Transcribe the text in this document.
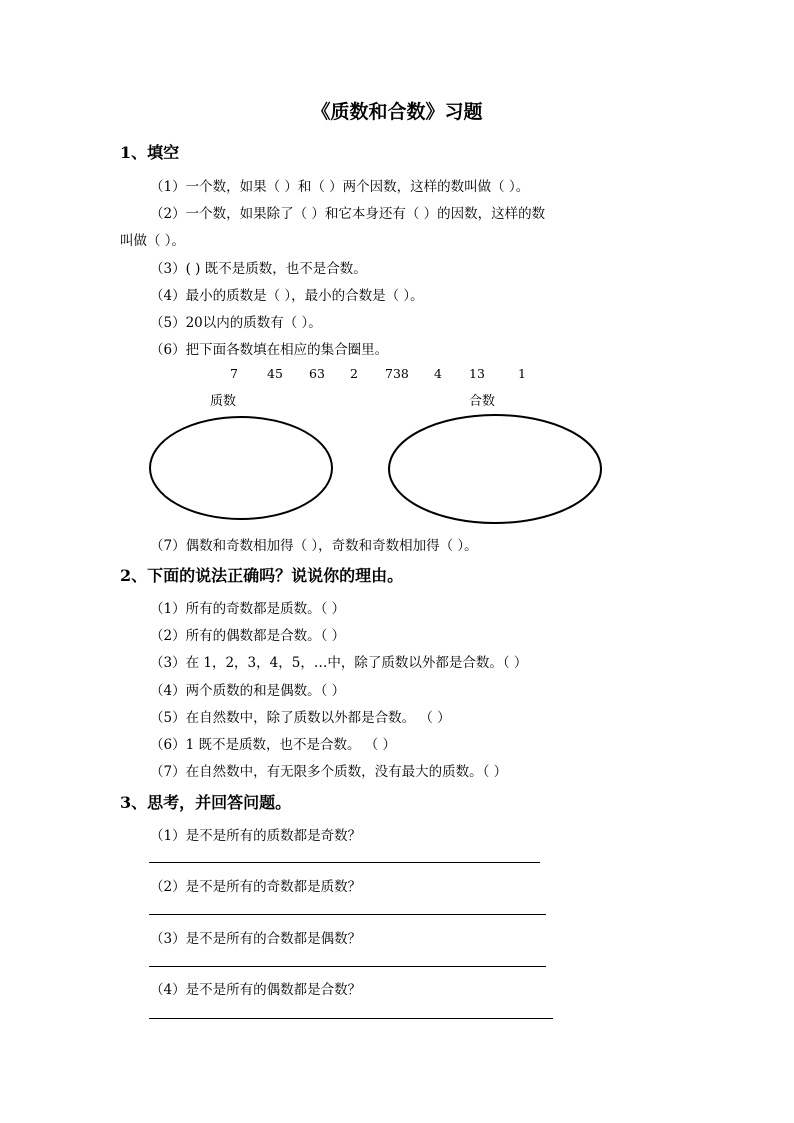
《质数和合数》习题
1、填空
（1）一个数，如果（ ）和（ ）两个因数，这样的数叫做（ ）。
（2）一个数，如果除了（ ）和它本身还有（ ）的因数，这样的数
叫做（ ）。
（3）( ) 既不是质数，也不是合数。
（4）最小的质数是（ ），最小的合数是（ ）。
（5）20以内的质数有（ ）。
（6）把下面各数填在相应的集合圈里。
7 45 63 2 738 4 13	1
质数	合数
（7）偶数和奇数相加得（ ），奇数和奇数相加得（ ）。
2、下面的说法正确吗？说说你的理由。
（1）所有的奇数都是质数。（ ）
（2）所有的偶数都是合数。（ ）
（3）在 1，2，3，4，5，…中，除了质数以外都是合数。（ ）
（4）两个质数的和是偶数。（ ）
（5）在自然数中，除了质数以外都是合数。 （ ）
（6）1 既不是质数，也不是合数。 （ ）
（7）在自然数中，有无限多个质数，没有最大的质数。（ ）
3、思考，并回答问题。
（1）是不是所有的质数都是奇数？
（2）是不是所有的奇数都是质数？
（3）是不是所有的合数都是偶数？
（4）是不是所有的偶数都是合数？
